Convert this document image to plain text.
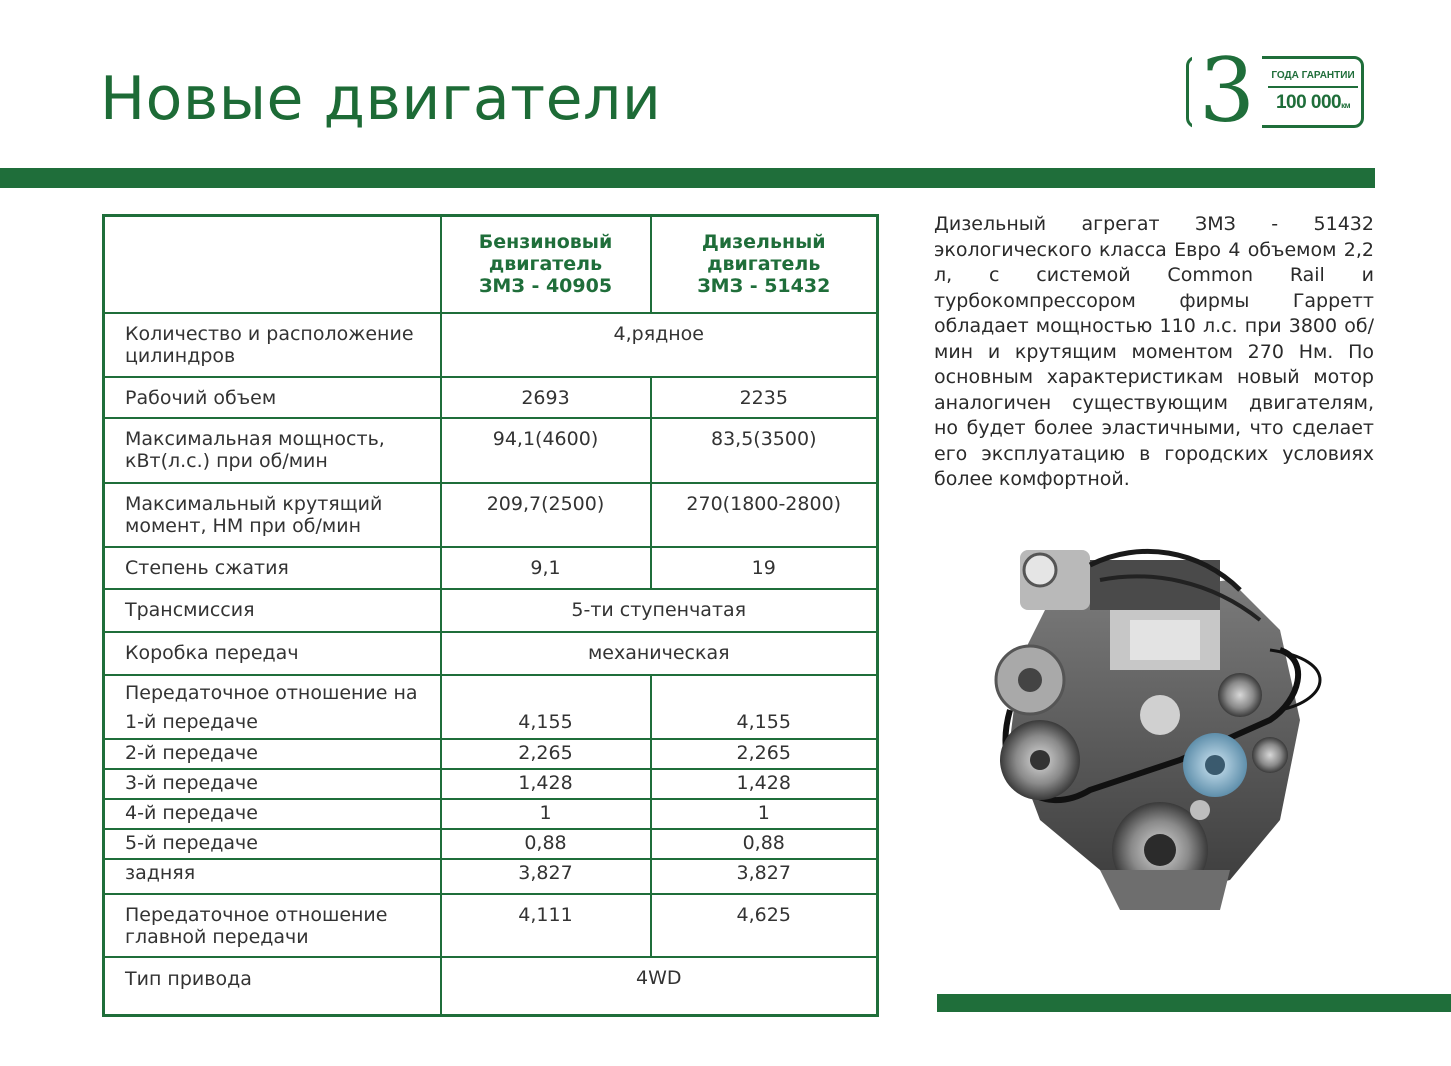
Новые двигатели	3	ГОДА ГАРАНТИИ
100 000км
	Бензиновый двигатель ЗМЗ - 40905	Дизельный двигатель ЗМЗ - 51432
Количество и расположение цилиндров	4,рядное	
Рабочий объем	2693	2235
Максимальная мощность, кВт(л.с.) при об/мин	94,1(4600)	83,5(3500)
Максимальный крутящий момент, НМ при об/мин	209,7(2500)	270(1800-2800)
Степень сжатия	9,1	19
Трансмиссия	5-ти ступенчатая	
Коробка передач	механическая	
Передаточное отношение на		
1-й передаче	4,155	4,155
2-й передаче	2,265	2,265
3-й передаче	1,428	1,428
4-й передаче	1	1
5-й передаче	0,88	0,88
задняя	3,827	3,827
Передаточное отношение главной передачи	4,111	4,625
Тип привода	4WD	

Дизельный агрегат ЗМЗ - 51432 экологического класса Евро 4 объемом 2,2 л, с системой Common Rail и турбокомпрессором фирмы Гарретт обладает мощностью 110 л.с. при 3800 об/мин и крутящим моментом 270 Нм. По основным характеристикам новый мотор аналогичен существующим двигателям, но будет более эластичными, что сделает его эксплуатацию в городских условиях более комфортной.
